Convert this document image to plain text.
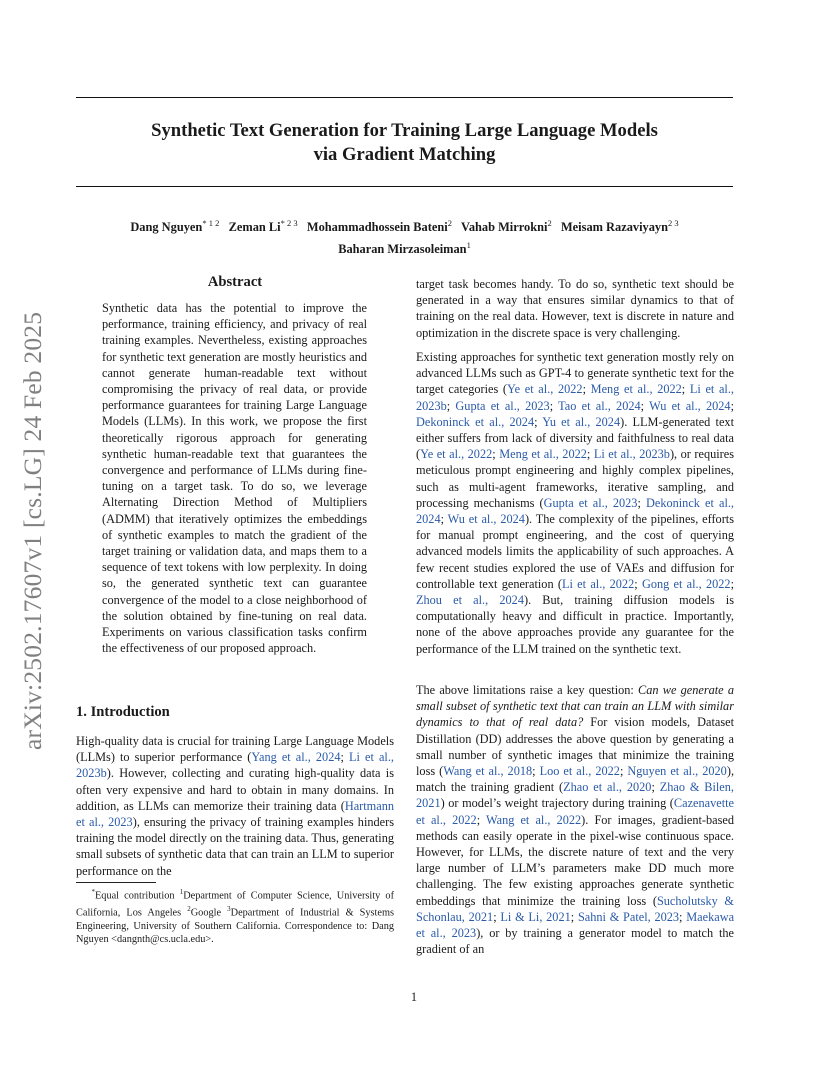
Synthetic Text Generation for Training Large Language Models
via Gradient Matching
arXiv:2502.17607v1 [cs.LG] 24 Feb 2025
Dang Nguyen$^{* 1 2}$ Zeman $Li^{* 2 3}$ Mohammadhossein Bateni$^2$ Vahab Mirrokni$^2$ Meisam Razaviyayn$^{2 3}$
Baharan Mirzasoleiman$^1$
Abstract
Synthetic data has the potential to improve the performance, training efficiency, and privacy of real training examples. Nevertheless, existing approaches for synthetic text generation are mostly heuristics and cannot generate human-readable text without compromising the privacy of real data, or provide performance guarantees for training Large Language Models (LLMs). In this work, we propose the first theoretically rigorous approach for generating synthetic human-readable text that guarantees the convergence and performance of LLMs during fine-tuning on a target task. To do so, we leverage Alternating Direction Method of Multipliers (ADMM) that iteratively optimizes the embeddings of synthetic examples to match the gradient of the target training or validation data, and maps them to a sequence of text tokens with low perplexity. In doing so, the generated synthetic text can guarantee convergence of the model to a close neighborhood of the solution obtained by fine-tuning on real data. Experiments on various classification tasks confirm the effectiveness of our proposed approach.
1. Introduction
High-quality data is crucial for training Large Language Models (LLMs) to superior performance (Yang et al., 2024; Li et al., 2023b). However, collecting and curating high-quality data is often very expensive and hard to obtain in many domains. In addition, as LLMs can memorize their training data (Hartmann et al., 2023), ensuring the privacy of training examples hinders training the model directly on the training data. Thus, generating small subsets of synthetic data that can train an LLM to superior performance on the
*Equal contribution $^1$Department of Computer Science, University of California, Los Angeles $^2$Google $^3$Department of Industrial & Systems Engineering, University of Southern California. Correspondence to: Dang Nguyen <dangnth@cs.ucla.edu>.

target task becomes handy. To do so, synthetic text should be generated in a way that ensures similar dynamics to that of training on the real data. However, text is discrete in nature and optimization in the discrete space is very challenging.

Existing approaches for synthetic text generation mostly rely on advanced LLMs such as GPT-4 to generate synthetic text for the target categories (Ye et al., 2022; Meng et al., 2022; Li et al., 2023b; Gupta et al., 2023; Tao et al., 2024; Wu et al., 2024; Dekoninck et al., 2024; Yu et al., 2024). LLM-generated text either suffers from lack of diversity and faithfulness to real data (Ye et al., 2022; Meng et al., 2022; Li et al., 2023b), or requires meticulous prompt engineering and highly complex pipelines, such as multi-agent frameworks, iterative sampling, and processing mechanisms (Gupta et al., 2023; Dekoninck et al., 2024; Wu et al., 2024). The complexity of the pipelines, efforts for manual prompt engineering, and the cost of querying advanced models limits the applicability of such approaches. A few recent studies explored the use of VAEs and diffusion for controllable text generation (Li et al., 2022; Gong et al., 2022; Zhou et al., 2024). But, training diffusion models is computationally heavy and difficult in practice. Importantly, none of the above approaches provide any guarantee for the performance of the LLM trained on the synthetic text.

The above limitations raise a key question: Can we generate a small subset of synthetic text that can train an LLM with similar dynamics to that of real data? For vision models, Dataset Distillation (DD) addresses the above question by generating a small number of synthetic images that minimize the training loss (Wang et al., 2018; Loo et al., 2022; Nguyen et al., 2020), match the training gradient (Zhao et al., 2020; Zhao & Bilen, 2021) or model’s weight trajectory during training (Cazenavette et al., 2022; Wang et al., 2022). For images, gradient-based methods can easily operate in the pixel-wise continuous space. However, for LLMs, the discrete nature of text and the very large number of LLM’s parameters make DD much more challenging. The few existing approaches generate synthetic embeddings that minimize the training loss (Sucholutsky & Schonlau, 2021; Li & Li, 2021; Sahni & Patel, 2023; Maekawa et al., 2023), or by training a generator model to match the gradient of an

1
